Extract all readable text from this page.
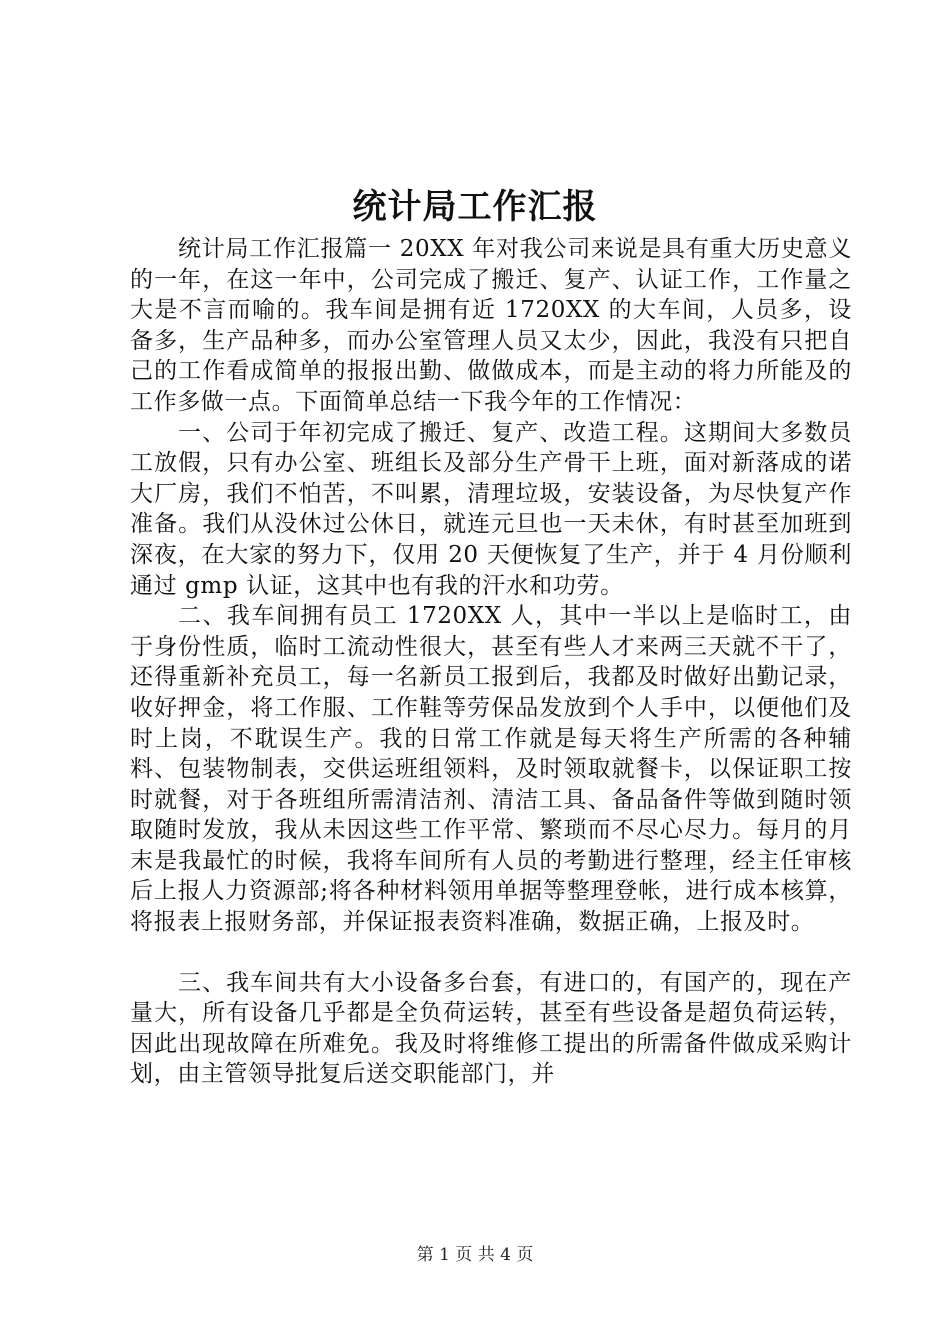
统计局工作汇报

统计局工作汇报篇一 20XX 年对我公司来说是具有重大历史意义的一年，在这一年中，公司完成了搬迁、复产、认证工作，工作量之大是不言而喻的。我车间是拥有近 1720XX 的大车间，人员多，设备多，生产品种多，而办公室管理人员又太少，因此，我没有只把自己的工作看成简单的报报出勤、做做成本，而是主动的将力所能及的工作多做一点。下面简单总结一下我今年的工作情况：

一、公司于年初完成了搬迁、复产、改造工程。这期间大多数员工放假，只有办公室、班组长及部分生产骨干上班，面对新落成的诺大厂房，我们不怕苦，不叫累，清理垃圾，安装设备，为尽快复产作准备。我们从没休过公休日，就连元旦也一天未休，有时甚至加班到深夜，在大家的努力下，仅用 20 天便恢复了生产，并于 4 月份顺利通过 gmp 认证，这其中也有我的汗水和功劳。

二、我车间拥有员工 1720XX 人，其中一半以上是临时工，由于身份性质，临时工流动性很大，甚至有些人才来两三天就不干了，还得重新补充员工，每一名新员工报到后，我都及时做好出勤记录，收好押金，将工作服、工作鞋等劳保品发放到个人手中，以便他们及时上岗，不耽误生产。我的日常工作就是每天将生产所需的各种辅料、包装物制表，交供运班组领料，及时领取就餐卡，以保证职工按时就餐，对于各班组所需清洁剂、清洁工具、备品备件等做到随时领取随时发放，我从未因这些工作平常、繁琐而不尽心尽力。每月的月末是我最忙的时候，我将车间所有人员的考勤进行整理，经主任审核后上报人力资源部;将各种材料领用单据等整理登帐，进行成本核算，将报表上报财务部，并保证报表资料准确，数据正确，上报及时。

三、我车间共有大小设备多台套，有进口的，有国产的，现在产量大，所有设备几乎都是全负荷运转，甚至有些设备是超负荷运转，因此出现故障在所难免。我及时将维修工提出的所需备件做成采购计划，由主管领导批复后送交职能部门，并

第 1 页 共 4 页
